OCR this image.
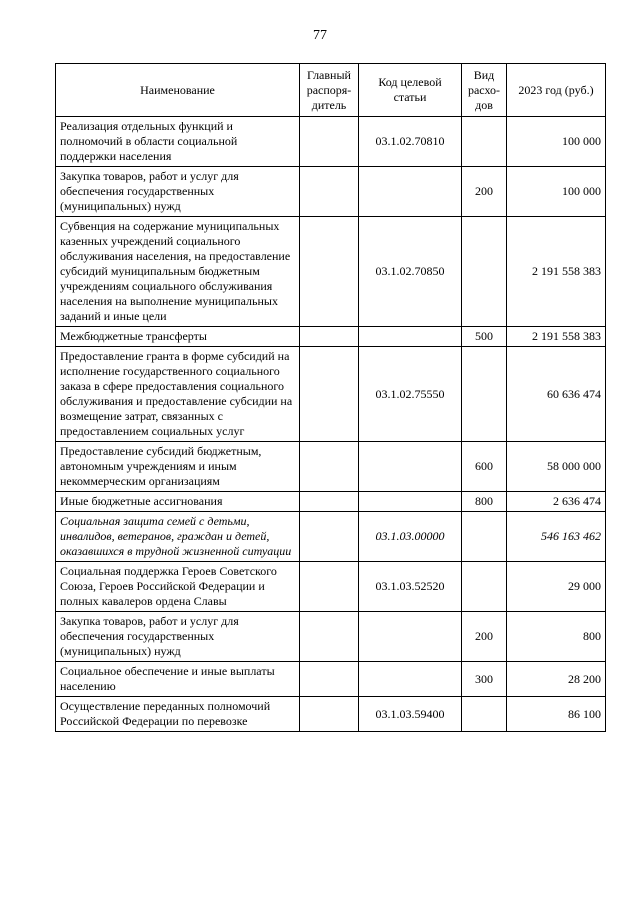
77
Наименование	Главный распоря-дитель	Код целевой статьи	Вид расхо-дов	2023 год (руб.)
Реализация отдельных функций и полномочий в области социальной поддержки населения		03.1.02.70810		100 000
Закупка товаров, работ и услуг для обеспечения государственных (муниципальных) нужд			200	100 000
Субвенция на содержание муниципальных казенных учреждений социального обслуживания населения, на предоставление субсидий муниципальным бюджетным учреждениям социального обслуживания населения на выполнение муниципальных заданий и иные цели		03.1.02.70850		2 191 558 383
Межбюджетные трансферты			500	2 191 558 383
Предоставление гранта в форме субсидий на исполнение государственного социального заказа в сфере предоставления социального обслуживания и предоставление субсидии на возмещение затрат, связанных с предоставлением социальных услуг		03.1.02.75550		60 636 474
Предоставление субсидий бюджетным, автономным учреждениям и иным некоммерческим организациям			600	58 000 000
Иные бюджетные ассигнования			800	2 636 474
Социальная защита семей с детьми, инвалидов, ветеранов, граждан и детей, оказавшихся в трудной жизненной ситуации		03.1.03.00000		546 163 462
Социальная поддержка Героев Советского Союза, Героев Российской Федерации и полных кавалеров ордена Славы		03.1.03.52520		29 000
Закупка товаров, работ и услуг для обеспечения государственных (муниципальных) нужд			200	800
Социальное обеспечение и иные выплаты населению			300	28 200
Осуществление переданных полномочий Российской Федерации по перевозке		03.1.03.59400		86 100
